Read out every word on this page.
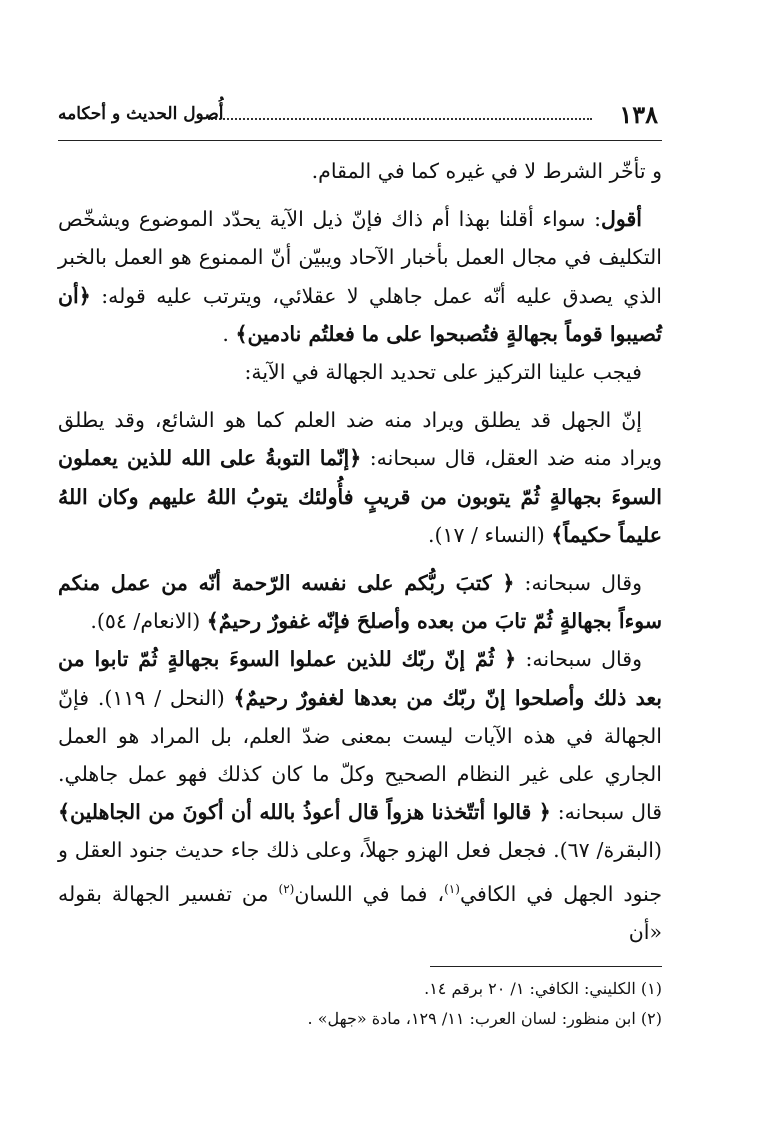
١٣٨
أُصول الحديث و أحكامه

و تأخّر الشرط لا في غيره كما في المقام.

أقول: سواء أقلنا بهذا أم ذاك فإنّ ذيل الآية يحدّد الموضوع ويشخّص التكليف في مجال العمل بأخبار الآحاد ويبيّن أنّ الممنوع هو العمل بالخبر الذي يصدق عليه أنّه عمل جاهلي لا عقلائي، ويترتب عليه قوله: ﴿أن تُصيبوا قوماً بجهالةٍ فتُصبحوا على ما فعلتُم نادمين﴾ .

فيجب علينا التركيز على تحديد الجهالة في الآية:

إنّ الجهل قد يطلق ويراد منه ضد العلم كما هو الشائع، وقد يطلق ويراد منه ضد العقل، قال سبحانه: ﴿إنّما التوبةُ على الله للذين يعملون السوءَ بجهالةٍ ثُمّ يتوبون من قريبٍ فأُولئك يتوبُ اللهُ عليهم وكان اللهُ عليماً حكيماً﴾ (النساء / ١٧).

وقال سبحانه: ﴿ كتبَ ربُّكم على نفسه الرّحمة أنّه من عمل منكم سوءاً بجهالةٍ ثُمّ تابَ من بعده وأصلحَ فإنّه غفورٌ رحيمٌ﴾ (الانعام/ ٥٤).

وقال سبحانه: ﴿ ثُمّ إنّ ربّك للذين عملوا السوءَ بجهالةٍ ثُمّ تابوا من بعد ذلك وأصلحوا إنّ ربّك من بعدها لغفورٌ رحيمٌ﴾ (النحل / ١١٩). فإنّ الجهالة في هذه الآيات ليست بمعنى ضدّ العلم، بل المراد هو العمل الجاري على غير النظام الصحيح وكلّ ما كان كذلك فهو عمل جاهلي. قال سبحانه: ﴿ قالوا أتتّخذنا هزواً قال أعوذُ بالله أن أكونَ من الجاهلين﴾ (البقرة/ ٦٧). فجعل فعل الهزو جهلاً، وعلى ذلك جاء حديث جنود العقل و جنود الجهل في الكافي$^{(١)}$، فما في اللسان$^{(٢)}$ من تفسير الجهالة بقوله «أن

(١) الكليني: الكافي: ١/ ٢٠ برقم ١٤.
(٢) ابن منظور: لسان العرب: ١١/ ١٢٩، مادة «جهل» .
